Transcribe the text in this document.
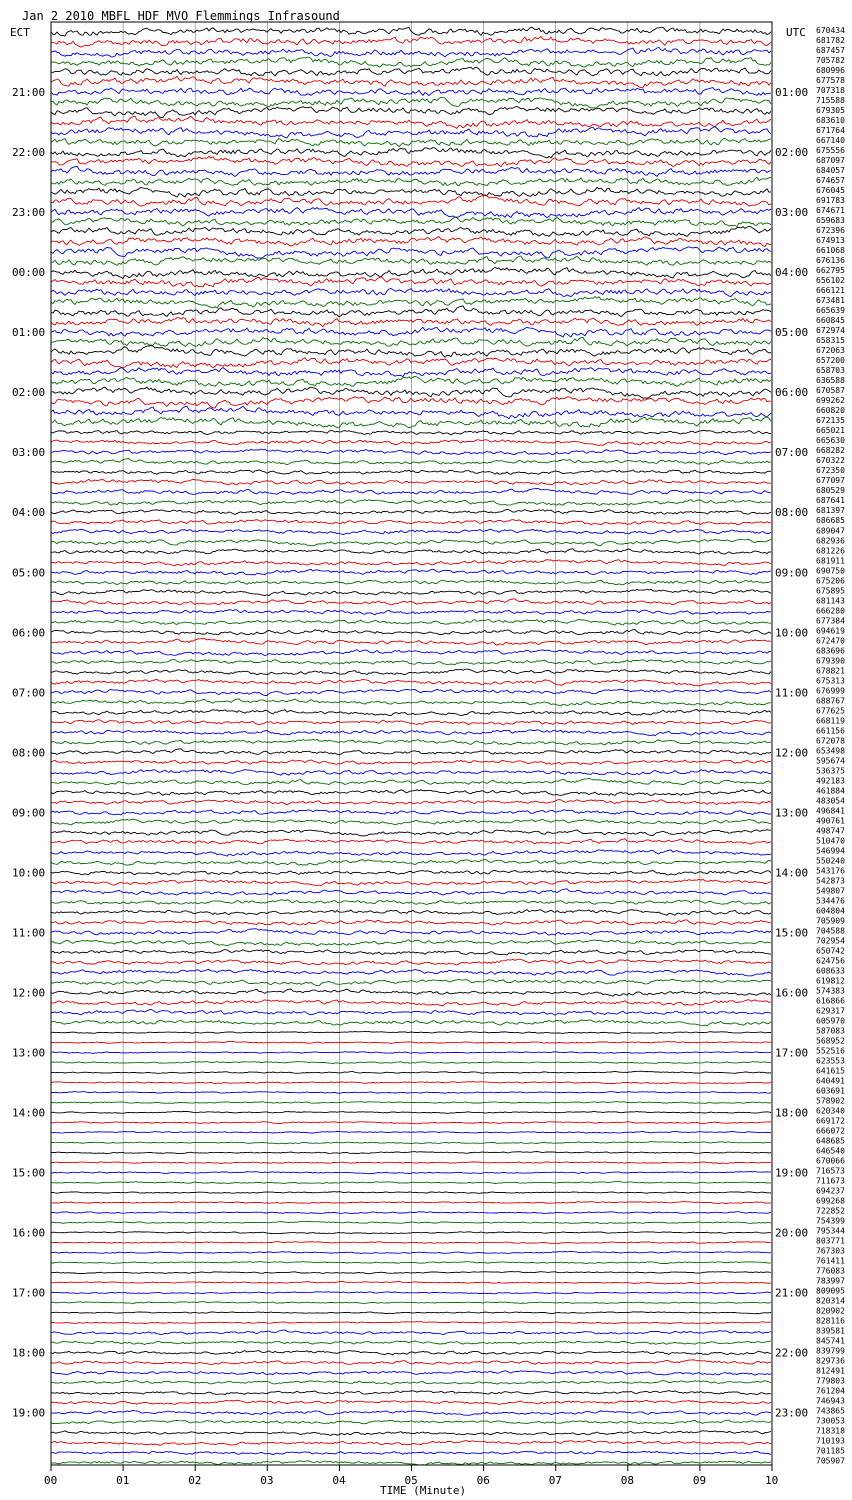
Jan 2 2010 MBFL HDF MVO Flemmings Infrasound
ECT	UTC
21:00
22:00
23:00
00:00
01:00
02:00
03:00
04:00
05:00
06:00
07:00
08:00
09:00
10:00
11:00
12:00
13:00
14:00
15:00
16:00
17:00
18:00
19:00
01:00
02:00
03:00
04:00
05:00
06:00
07:00
08:00
09:00
10:00
11:00
12:00
13:00
14:00
15:00
16:00
17:00
18:00
19:00
20:00
21:00
22:00
23:00
670434
681782
687457
705782
680996
677578
707318
715588
679305
683610
671764
667140
675556
687097
684057
674657
676045
691783
674671
659683
672396
674913
661068
676136
662795
656102
666121
673481
665639
660845
672974
658315
672063
657200
658703
636588
670587
699262
660820
672135
665021
665630
668282
670322
672350
677097
680529
687641
681397
686685
689047
682936
681226
681911
690750
675206
675895
681143
666280
677384
694619
672470
683696
679390
678821
675313
676999
688767
677625
668119
661156
672078
653498
595674
536375
492183
461884
483054
496841
490761
498747
510470
546994
550240
543176
542873
549807
534476
604804
705909
704588
702954
650742
624756
608633
619812
574383
616866
629317
605970
587083
568952
552516
623553
641615
640491
603691
578902
620340
669172
666072
648685
646540
670066
716573
711673
694237
699268
722852
754399
795344
803771
767303
761411
776083
783997
809095
820314
820902
828116
839581
845741
839799
829736
812491
779803
761204
746943
743865
730053
718318
710193
701185
705907
00	01	02	03	04	05	06	07	08	09	10
TIME (Minute)
